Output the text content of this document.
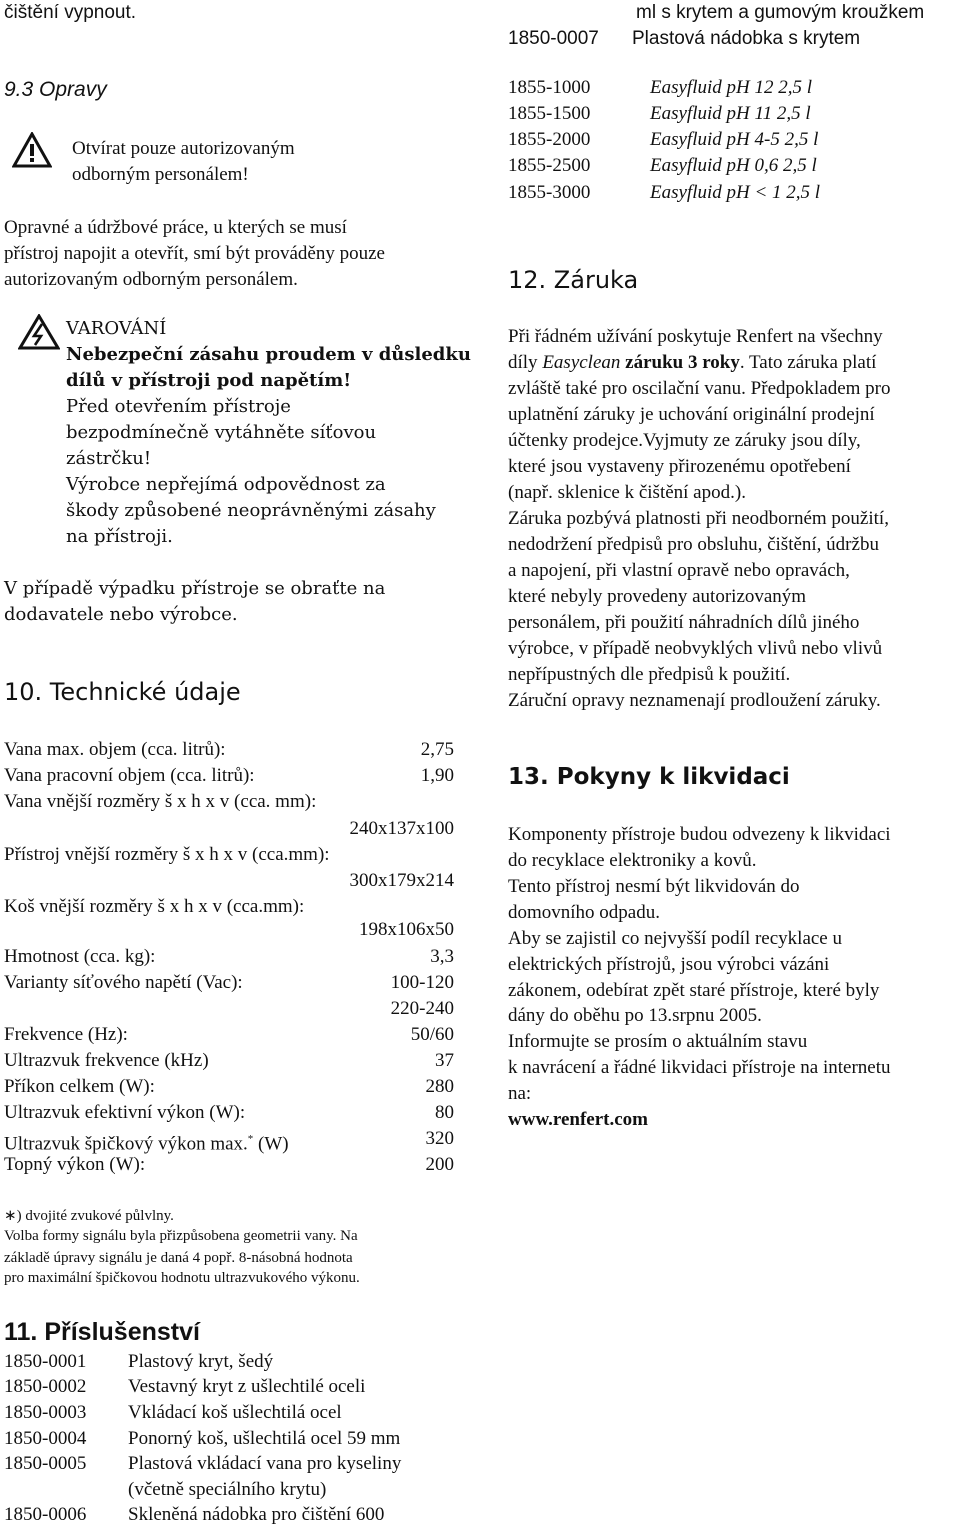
čištění vypnout.
9.3 Opravy
Otvírat pouze autorizovaným
odborným personálem!
Opravné a údržbové práce, u kterých se musí
přístroj napojit a otevřít, smí být prováděny pouze
autorizovaným odborným personálem.
VAROVÁNÍ
Nebezpeční zásahu proudem v důsledku
dílů v přístroji pod napětím!
Před otevřením přístroje
bezpodmínečně vytáhněte síťovou
zástrčku!
Výrobce nepřejímá odpovědnost za
škody způsobené neoprávněnými zásahy
na přístroji.
V případě výpadku přístroje se obraťte na
dodavatele nebo výrobce.
10. Technické údaje
Vana max. objem (cca. litrů):	2,75
Vana pracovní objem (cca. litrů):	1,90
Vana vnější rozměry š x h x v (cca. mm):
240x137x100
Přístroj vnější rozměry š x h x v (cca.mm):
300x179x214
Koš vnější rozměry š x h x v (cca.mm):
198x106x50
Hmotnost (cca. kg):	3,3
Varianty síťového napětí (Vac):	100-120
220-240
Frekvence (Hz):	50/60
Ultrazvuk frekvence (kHz)	37
Příkon celkem (W):	280
Ultrazvuk efektivní výkon (W):	80
Ultrazvuk špičkový výkon max.* (W)	320
Topný výkon (W):	200
∗) dvojité zvukové půlvlny.
Volba formy signálu byla přizpůsobena geometrii vany. Na
základě úpravy signálu je daná 4 popř. 8-násobná hodnota
pro maximální špičkovou hodnotu ultrazvukového výkonu.
11. Příslušenství
1850-0001 Plastový kryt, šedý
1850-0002 Vestavný kryt z ušlechtilé oceli
1850-0003 Vkládací koš ušlechtilá ocel
1850-0004 Ponorný koš, ušlechtilá ocel 59 mm
1850-0005 Plastová vkládací vana pro kyseliny
(včetně speciálního krytu)
1850-0006 Skleněná nádobka pro čištění 600
ml s krytem a gumovým kroužkem
1850-0007 Plastová nádobka s krytem
1855-1000	Easyfluid pH 12 2,5 l
1855-1500	Easyfluid pH 11 2,5 l
1855-2000	Easyfluid pH 4-5 2,5 l
1855-2500	Easyfluid pH 0,6 2,5 l
1855-3000	Easyfluid pH < 1 2,5 l
12. Záruka
Při řádném užívání poskytuje Renfert na všechny
díly Easyclean záruku 3 roky. Tato záruka platí
zvláště také pro oscilační vanu. Předpokladem pro
uplatnění záruky je uchování originální prodejní
účtenky prodejce.Vyjmuty ze záruky jsou díly,
které jsou vystaveny přirozenému opotřebení
(např. sklenice k čištění apod.).
Záruka pozbývá platnosti při neodborném použití,
nedodržení předpisů pro obsluhu, čištění, údržbu
a napojení, při vlastní opravě nebo opravách,
které nebyly provedeny autorizovaným
personálem, při použití náhradních dílů jiného
výrobce, v případě neobvyklých vlivů nebo vlivů
nepřípustných dle předpisů k použití.
Záruční opravy neznamenají prodloužení záruky.
13. Pokyny k likvidaci
Komponenty přístroje budou odvezeny k likvidaci
do recyklace elektroniky a kovů.
Tento přístroj nesmí být likvidován do
domovního odpadu.
Aby se zajistil co nejvyšší podíl recyklace u
elektrických přístrojů, jsou výrobci vázáni
zákonem, odebírat zpět staré přístroje, které byly
dány do oběhu po 13.srpnu 2005.
Informujte se prosím o aktuálním stavu
k navrácení a řádné likvidaci přístroje na internetu
na:
www.renfert.com
